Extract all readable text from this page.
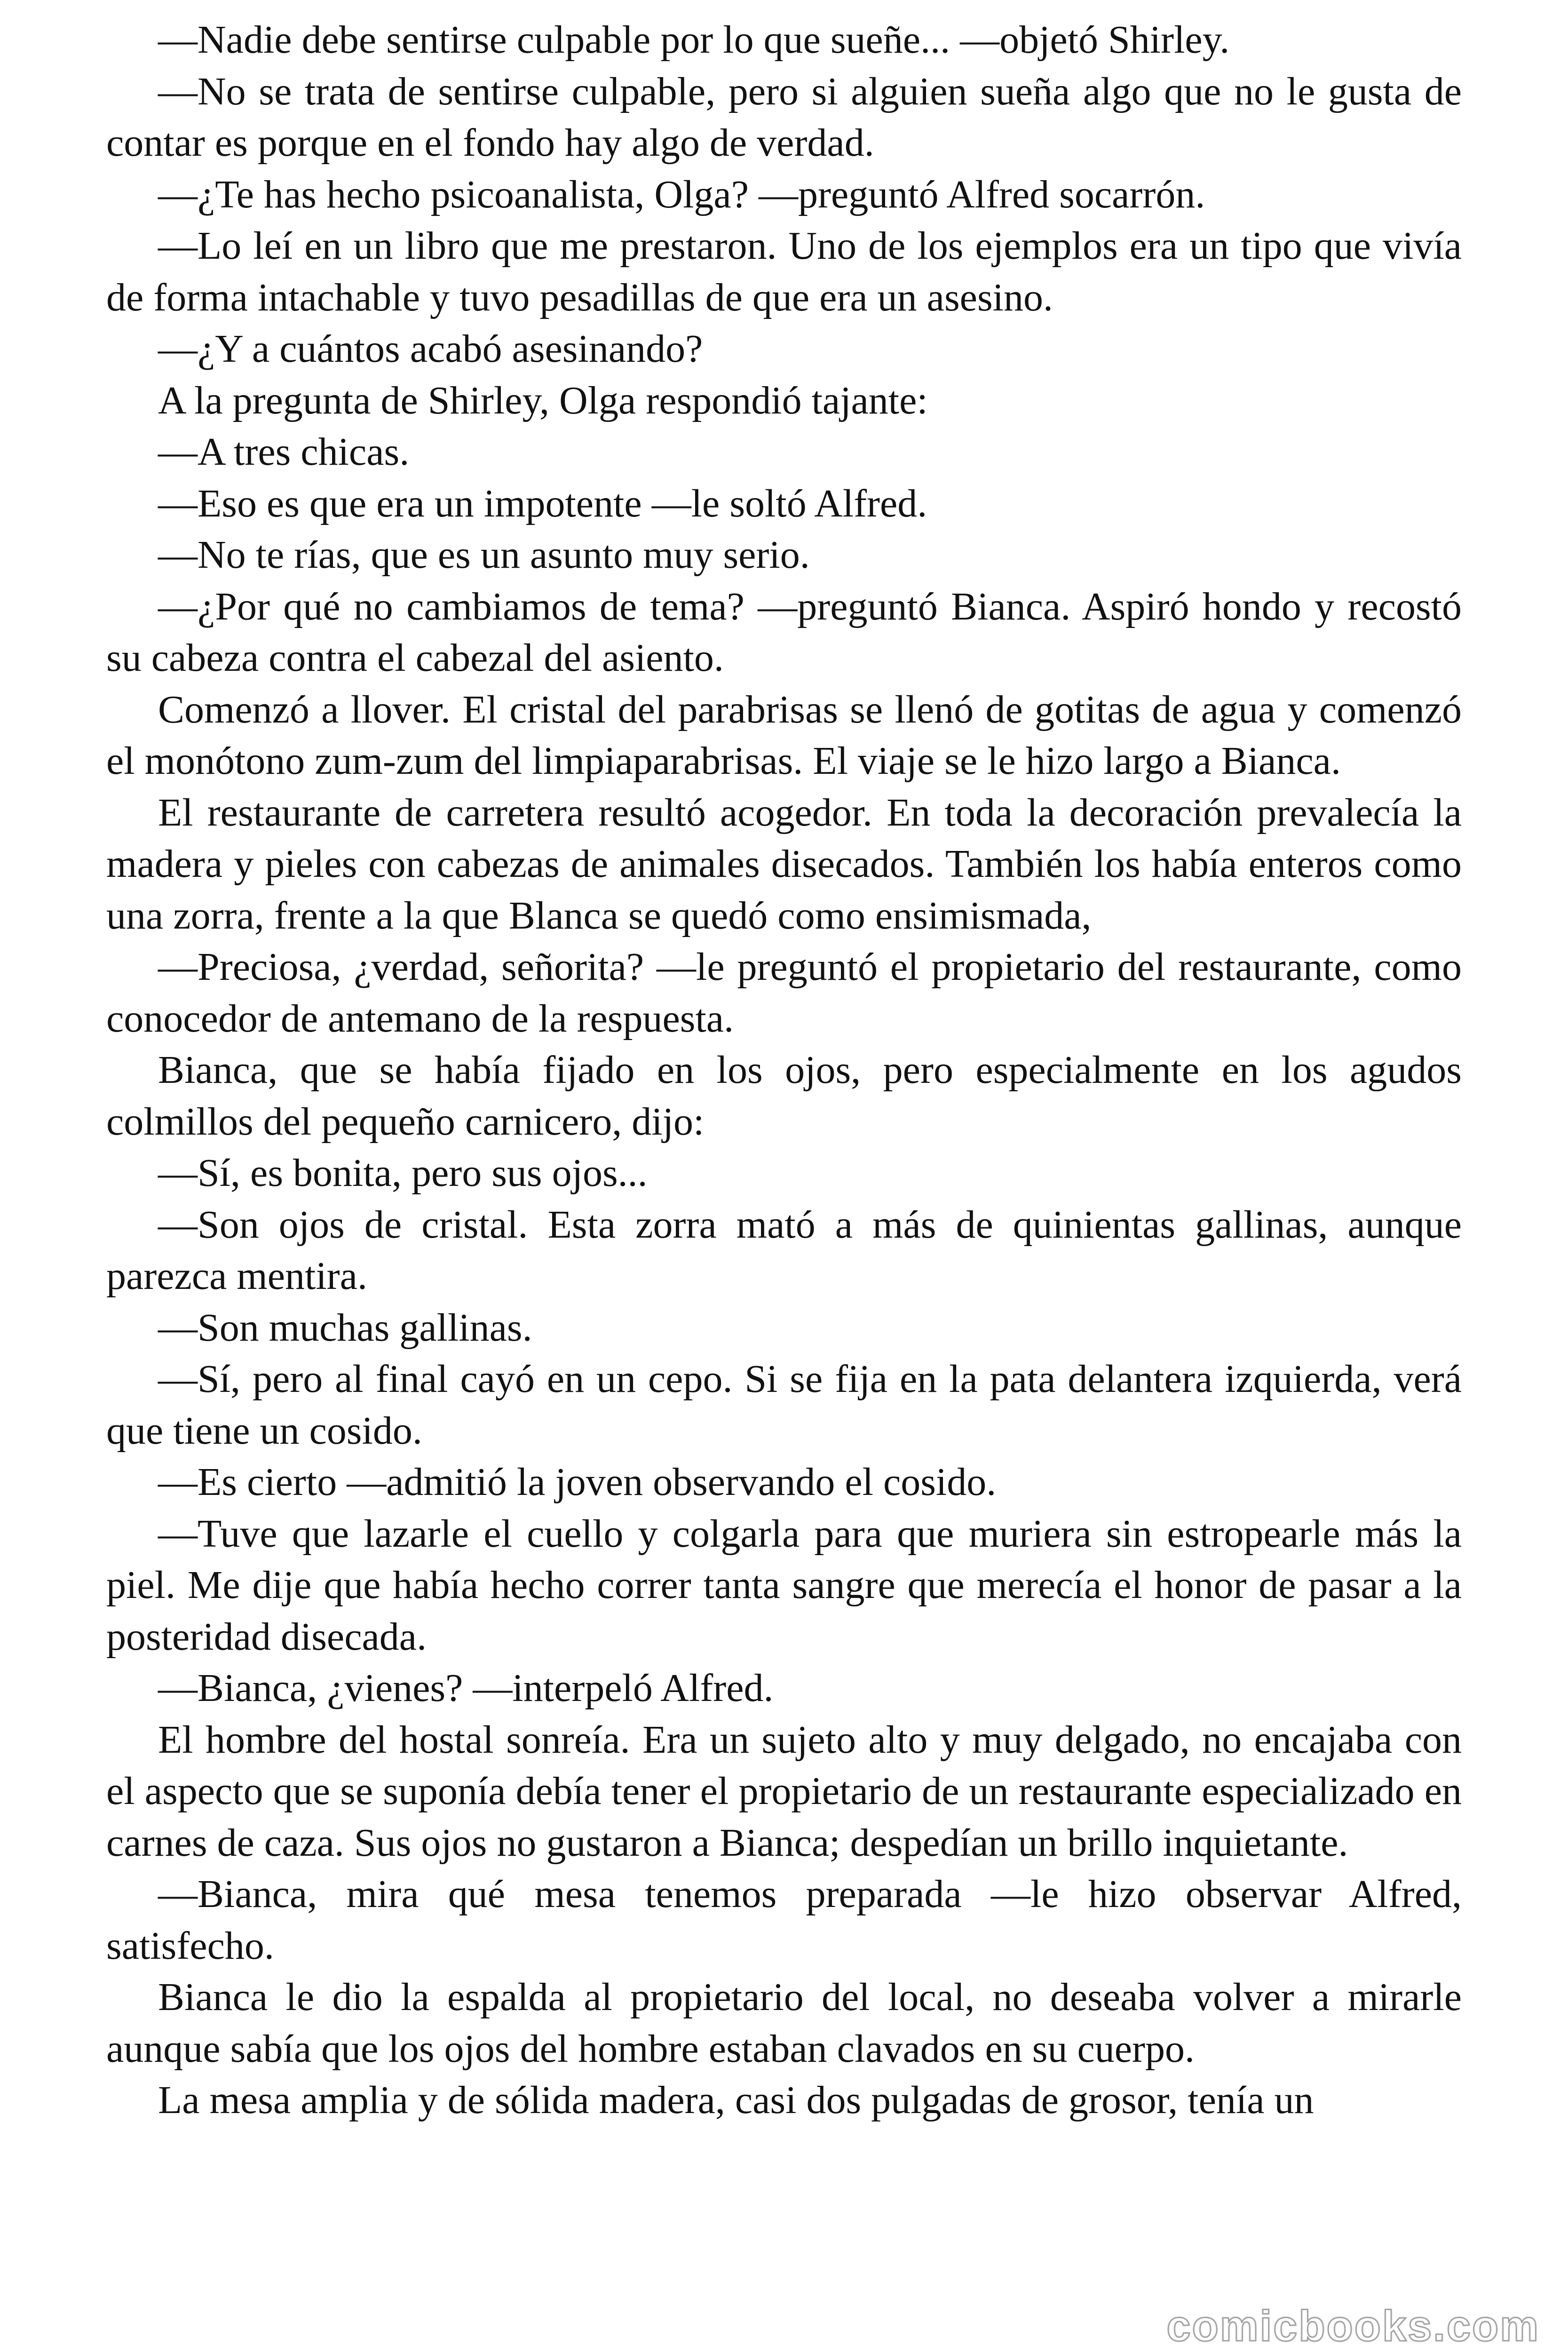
—Nadie debe sentirse culpable por lo que sueñe... —objetó Shirley.

—No se trata de sentirse culpable, pero si alguien sueña algo que no le gusta de contar es porque en el fondo hay algo de verdad.

—¿Te has hecho psicoanalista, Olga? —preguntó Alfred socarrón.

—Lo leí en un libro que me prestaron. Uno de los ejemplos era un tipo que vivía de forma intachable y tuvo pesadillas de que era un asesino.

—¿Y a cuántos acabó asesinando?

A la pregunta de Shirley, Olga respondió tajante:

—A tres chicas.

—Eso es que era un impotente —le soltó Alfred.

—No te rías, que es un asunto muy serio.

—¿Por qué no cambiamos de tema? —preguntó Bianca. Aspiró hondo y recostó su cabeza contra el cabezal del asiento.

Comenzó a llover. El cristal del parabrisas se llenó de gotitas de agua y comenzó el monótono zum-zum del limpiaparabrisas. El viaje se le hizo largo a Bianca.

El restaurante de carretera resultó acogedor. En toda la decoración prevalecía la madera y pieles con cabezas de animales disecados. También los había enteros como una zorra, frente a la que Blanca se quedó como ensimismada,

—Preciosa, ¿verdad, señorita? —le preguntó el propietario del restaurante, como conocedor de antemano de la respuesta.

Bianca, que se había fijado en los ojos, pero especialmente en los agudos colmillos del pequeño carnicero, dijo:

—Sí, es bonita, pero sus ojos...

—Son ojos de cristal. Esta zorra mató a más de quinientas gallinas, aunque parezca mentira.

—Son muchas gallinas.

—Sí, pero al final cayó en un cepo. Si se fija en la pata delantera izquierda, verá que tiene un cosido.

—Es cierto —admitió la joven observando el cosido.

—Tuve que lazarle el cuello y colgarla para que muriera sin estropearle más la piel. Me dije que había hecho correr tanta sangre que merecía el honor de pasar a la posteridad disecada.

—Bianca, ¿vienes? —interpeló Alfred.

El hombre del hostal sonreía. Era un sujeto alto y muy delgado, no encajaba con el aspecto que se suponía debía tener el propietario de un restaurante especializado en carnes de caza. Sus ojos no gustaron a Bianca; despedían un brillo inquietante.

—Bianca, mira qué mesa tenemos preparada —le hizo observar Alfred, satisfecho.

Bianca le dio la espalda al propietario del local, no deseaba volver a mirarle aunque sabía que los ojos del hombre estaban clavados en su cuerpo.

La mesa amplia y de sólida madera, casi dos pulgadas de grosor, tenía un

comicbooks.com
